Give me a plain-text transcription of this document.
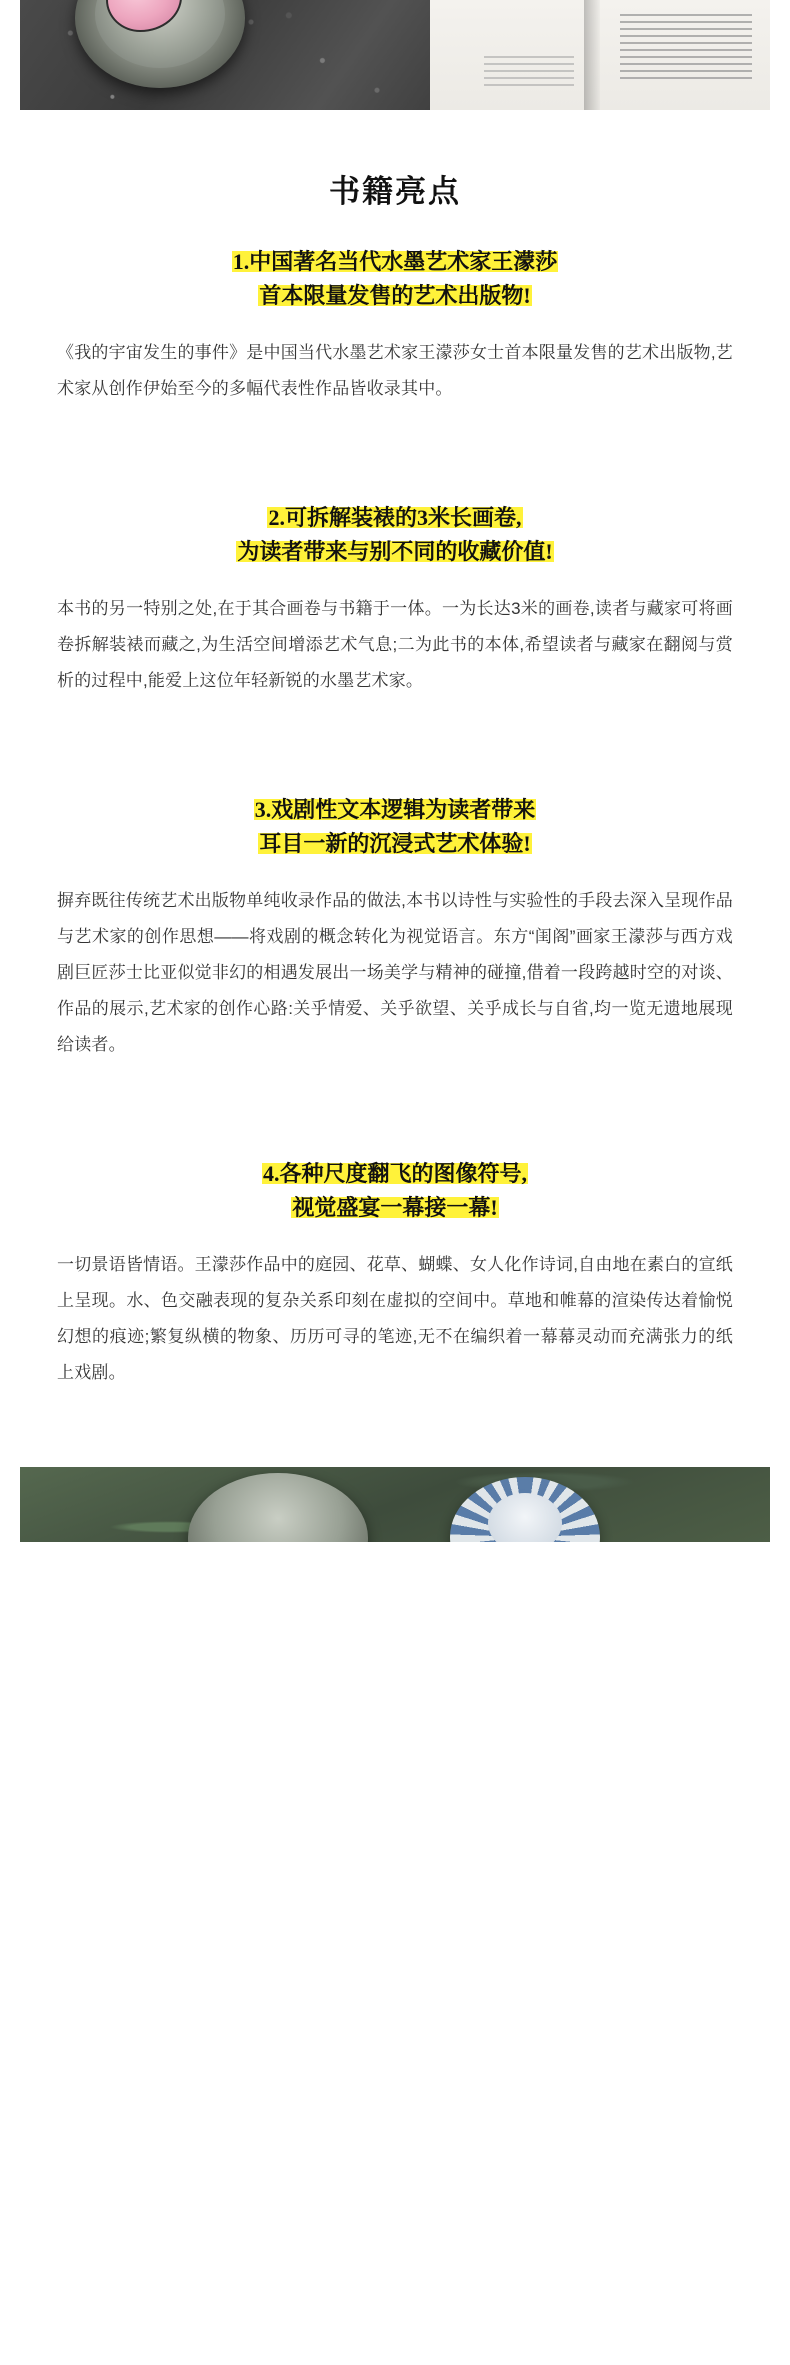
书籍亮点
1.中国著名当代水墨艺术家王濛莎
首本限量发售的艺术出版物!

《我的宇宙发生的事件》是中国当代水墨艺术家王濛莎女士首本限量发售的艺术出版物,艺术家从创作伊始至今的多幅代表性作品皆收录其中。

2.可拆解装裱的3米长画卷,
为读者带来与别不同的收藏价值!

本书的另一特别之处,在于其合画卷与书籍于一体。一为长达3米的画卷,读者与藏家可将画卷拆解装裱而藏之,为生活空间增添艺术气息;二为此书的本体,希望读者与藏家在翻阅与赏析的过程中,能爱上这位年轻新锐的水墨艺术家。

3.戏剧性文本逻辑为读者带来
耳目一新的沉浸式艺术体验!

摒弃既往传统艺术出版物单纯收录作品的做法,本书以诗性与实验性的手段去深入呈现作品与艺术家的创作思想——将戏剧的概念转化为视觉语言。东方“闺阁”画家王濛莎与西方戏剧巨匠莎士比亚似觉非幻的相遇发展出一场美学与精神的碰撞,借着一段跨越时空的对谈、作品的展示,艺术家的创作心路:关乎情爱、关乎欲望、关乎成长与自省,均一览无遗地展现给读者。

4.各种尺度翻飞的图像符号,
视觉盛宴一幕接一幕!

一切景语皆情语。王濛莎作品中的庭园、花草、蝴蝶、女人化作诗词,自由地在素白的宣纸上呈现。水、色交融表现的复杂关系印刻在虚拟的空间中。草地和帷幕的渲染传达着愉悦幻想的痕迹;繁复纵横的物象、历历可寻的笔迹,无不在编织着一幕幕灵动而充满张力的纸上戏剧。
